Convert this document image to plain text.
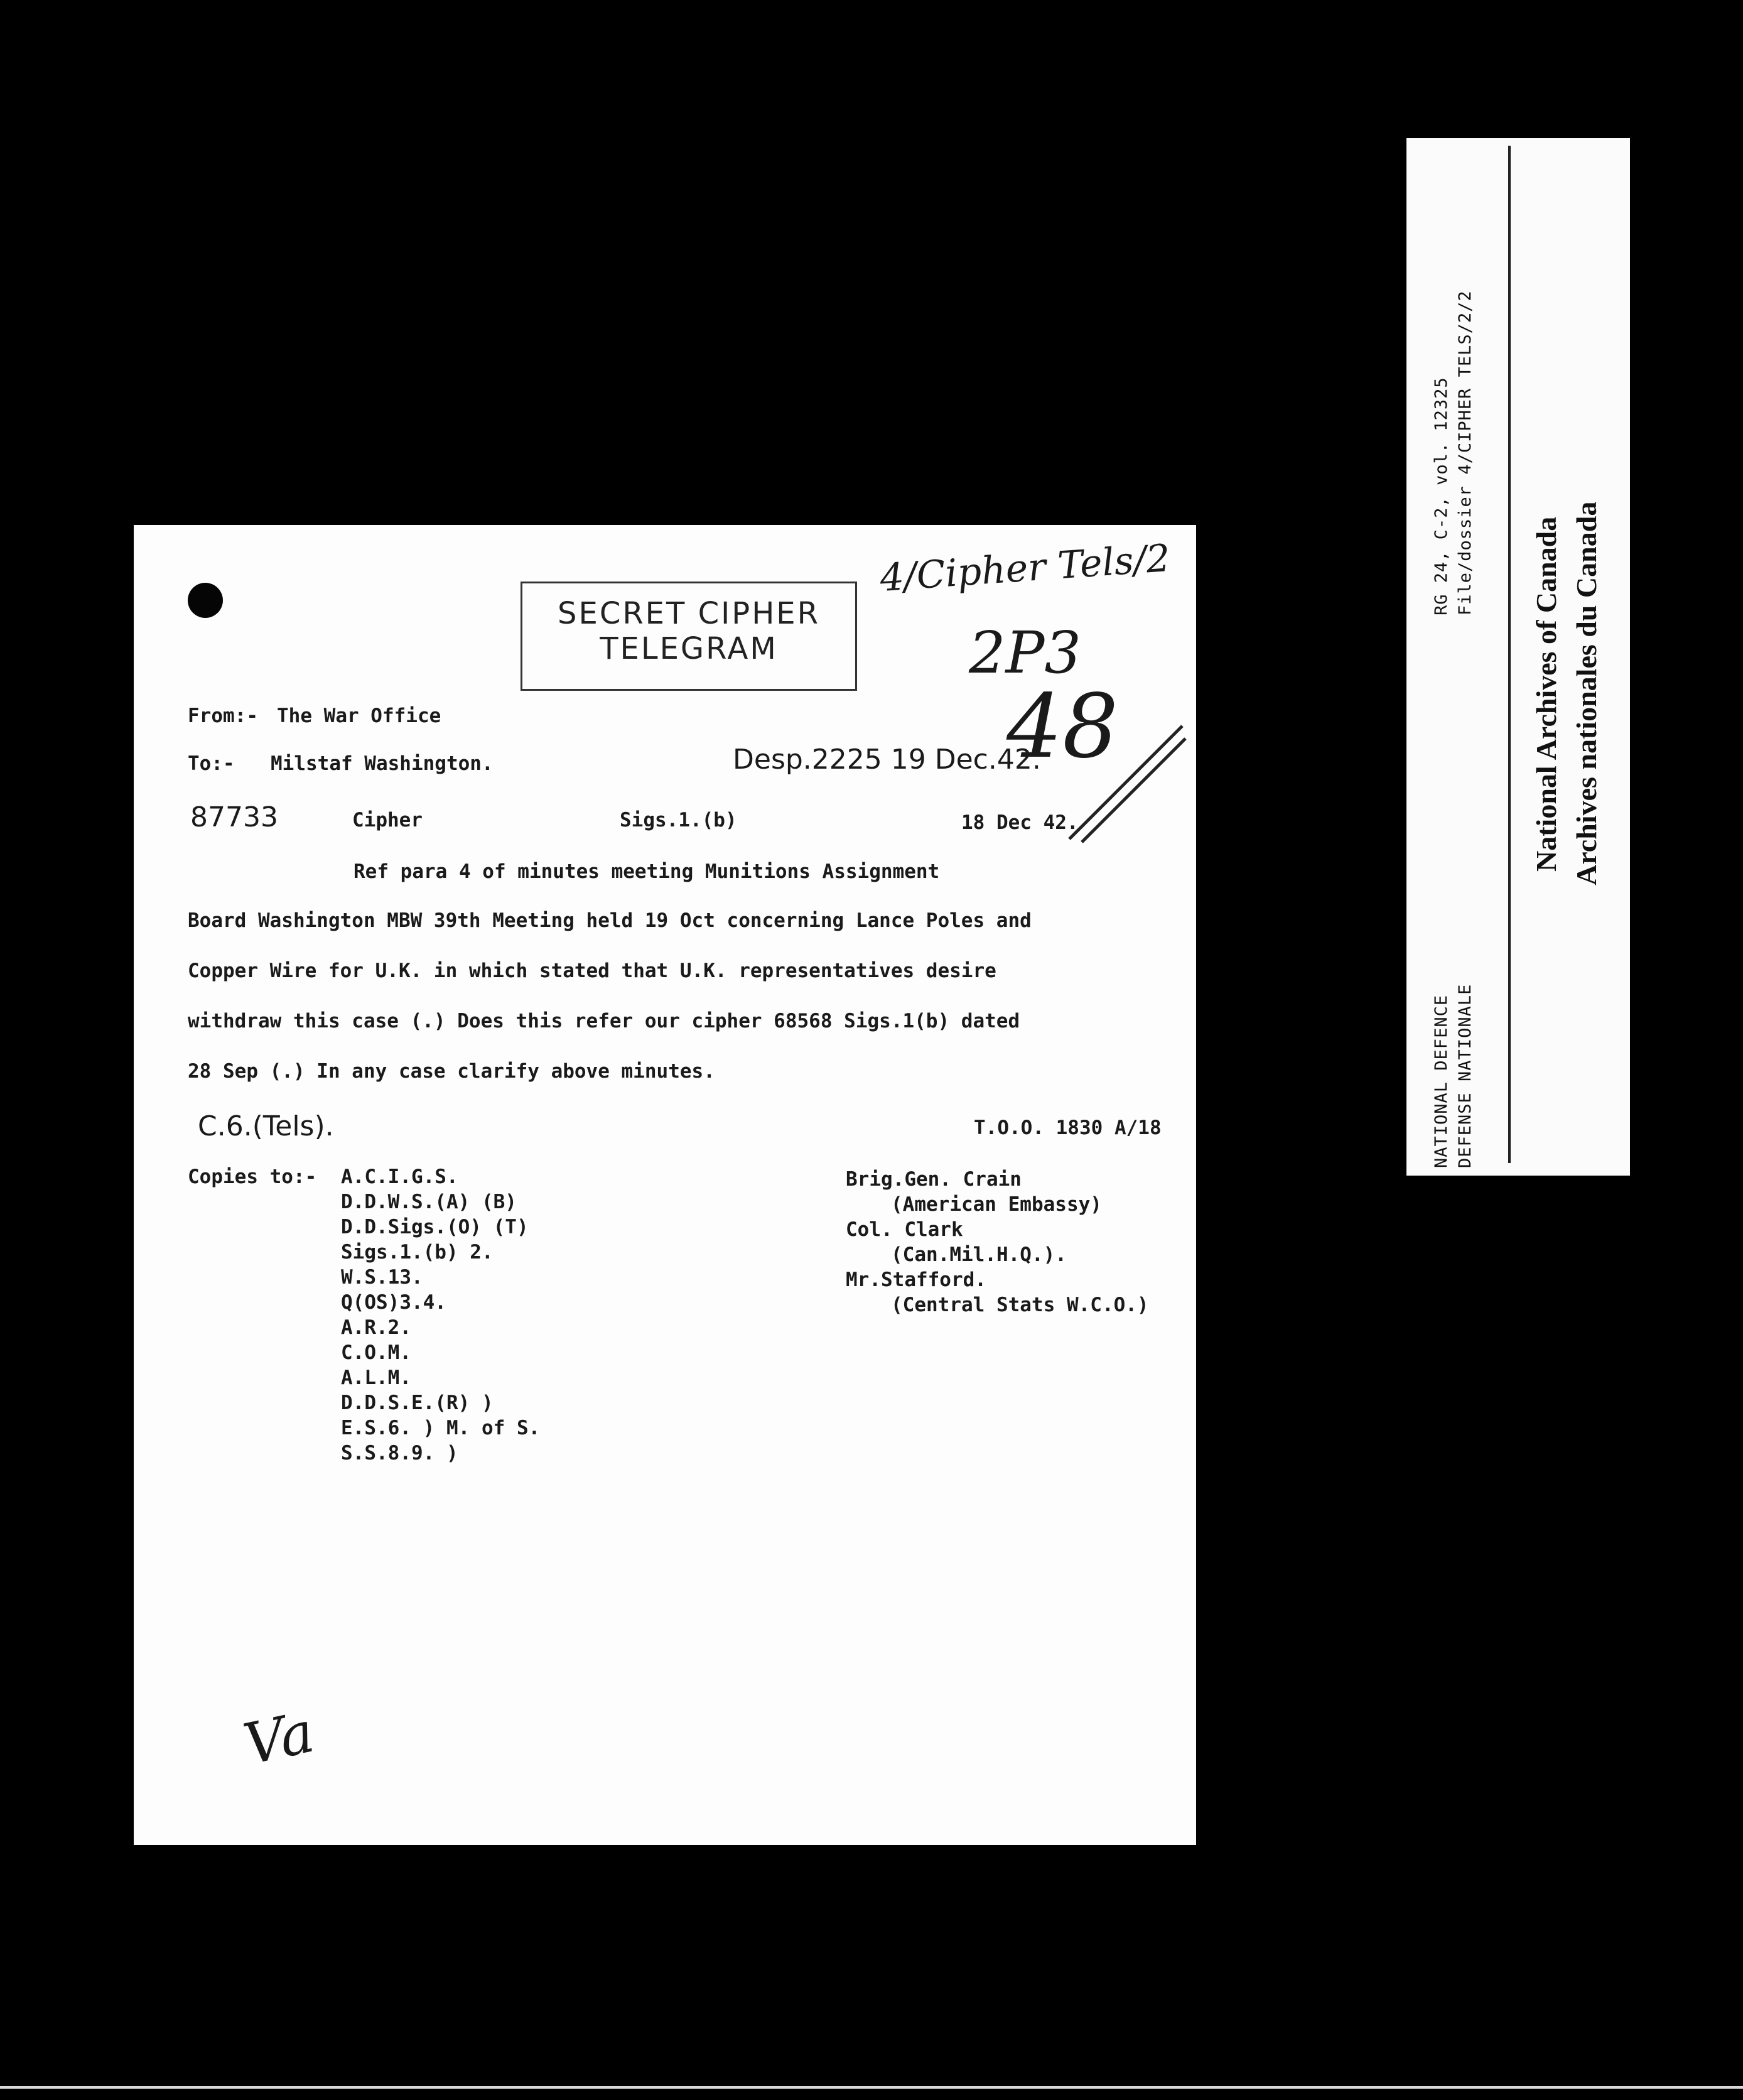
SECRET CIPHER
TELEGRAM
4/Cipher Tels/2
2P3
48
Va
From:- The War Office
To:- Milstaf Washington.	Desp.2225 19 Dec.42.
87733	Cipher	Sigs.1.(b)	18 Dec 42.
Ref para 4 of minutes meeting Munitions Assignment
Board Washington MBW 39th Meeting held 19 Oct concerning Lance Poles and
Copper Wire for U.K. in which stated that U.K. representatives desire
withdraw this case (.) Does this refer our cipher 68568 Sigs.1(b) dated
28 Sep (.) In any case clarify above minutes.
C.6.(Tels).	T.O.O. 1830 A/18
Copies to:- A.C.I.G.S.
D.D.W.S.(A) (B)
D.D.Sigs.(O) (T)
Sigs.1.(b) 2.
W.S.13.
Q(OS)3.4.
A.R.2.
C.O.M.
A.L.M.
D.D.S.E.(R) )
E.S.6. ) M. of S.
S.S.8.9. )
Brig.Gen. Crain
(American Embassy)
Col. Clark
(Can.Mil.H.Q.).
Mr.Stafford.
(Central Stats W.C.O.)
RG 24, C-2, vol. 12325 File/dossier 4/CIPHER TELS/2/2
NATIONAL DEFENCE DEFENSE NATIONALE
National Archives of Canada Archives nationales du Canada
